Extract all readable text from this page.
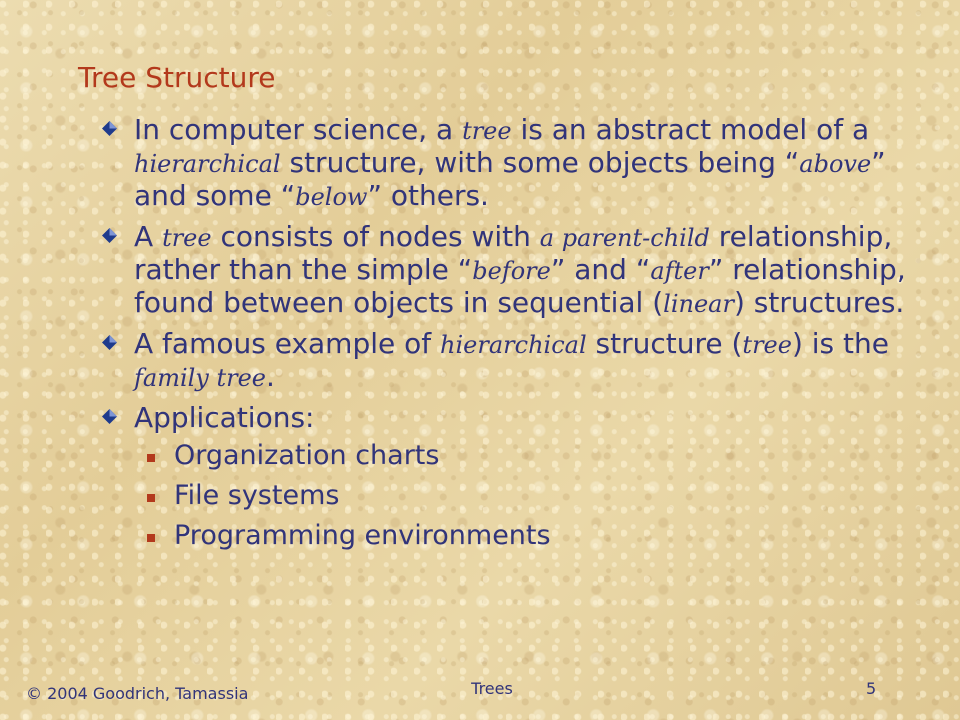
Tree Structure
In computer science, a tree is an abstract model of a hierarchical structure, with some objects being “above” and some “below” others.
A tree consists of nodes with a parent-child relationship, rather than the simple “before” and “after” relationship, found between objects in sequential (linear) structures.
A famous example of hierarchical structure (tree) is the family tree.
Applications:
Organization charts
File systems
Programming environments

© 2004 Goodrich, Tamassia	Trees	5
